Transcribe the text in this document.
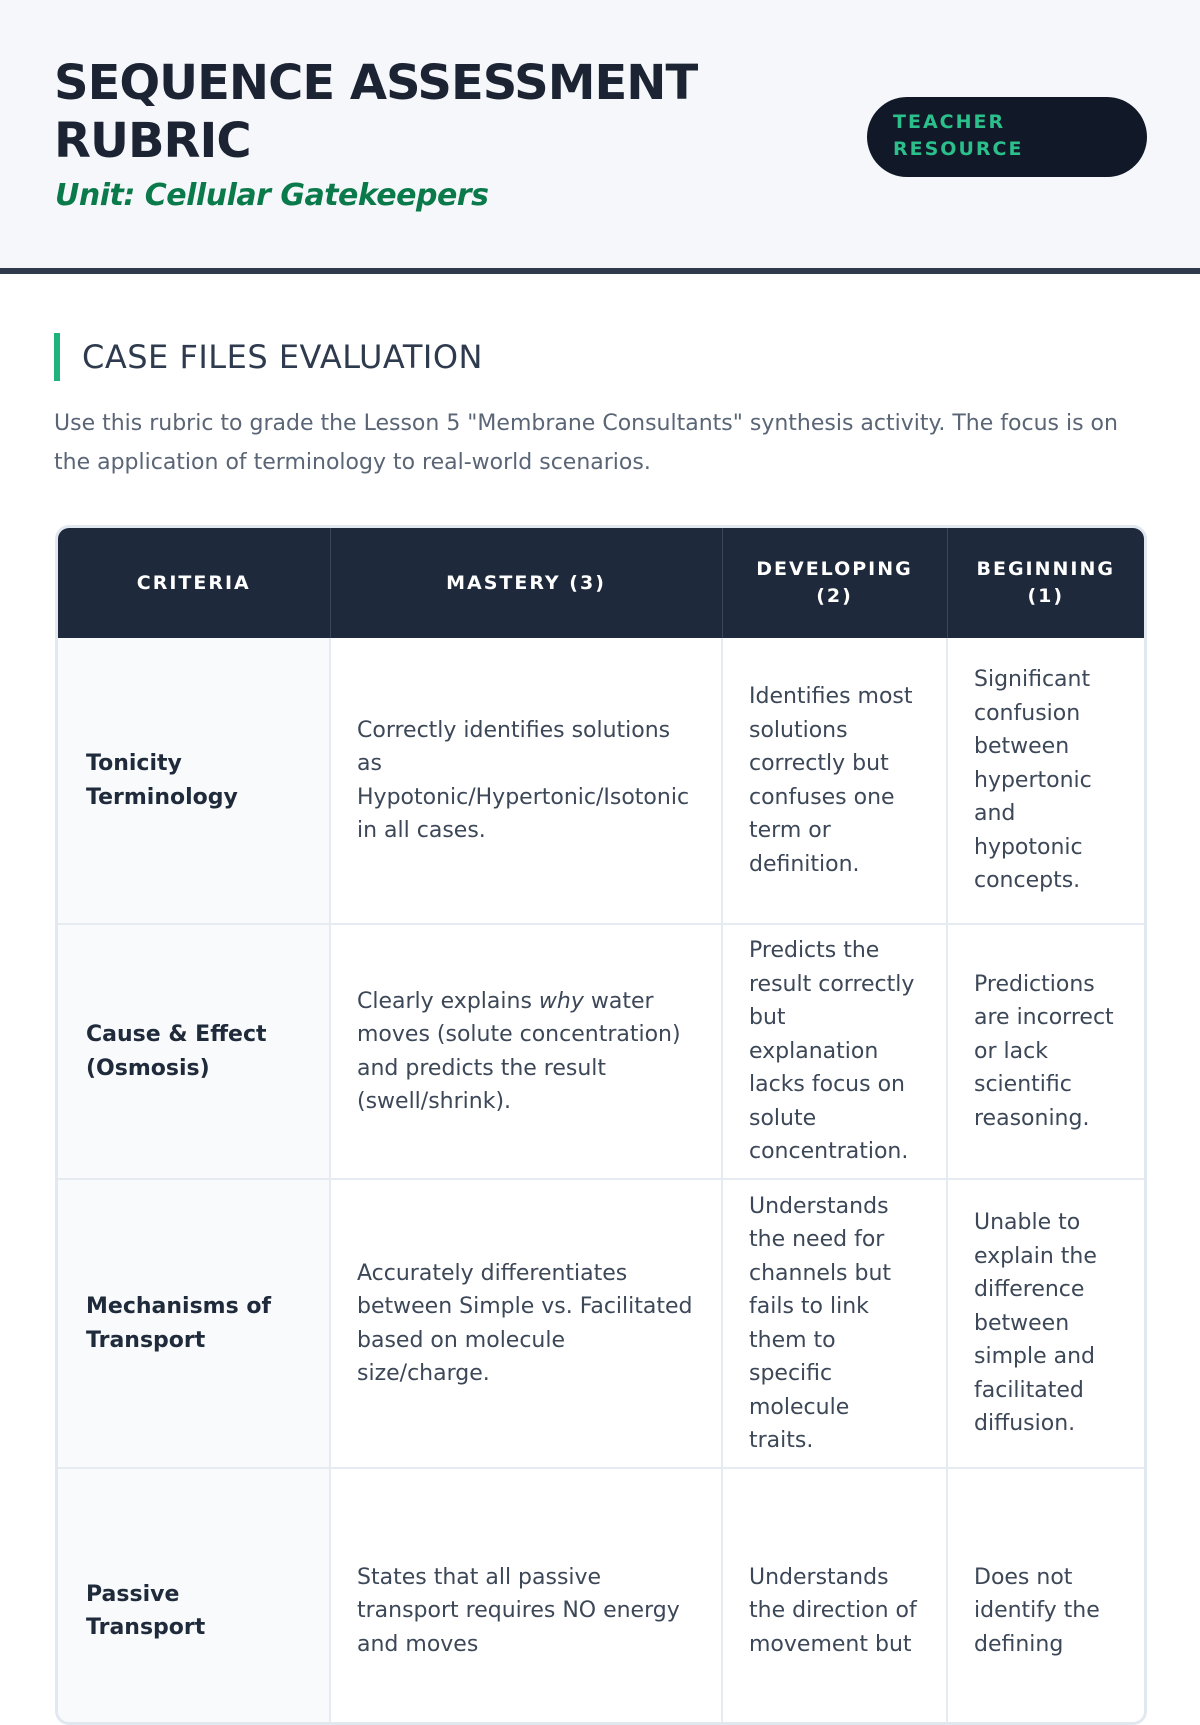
SEQUENCE ASSESSMENT
RUBRIC
Unit: Cellular Gatekeepers
TEACHER
RESOURCE
CASE FILES EVALUATION

Use this rubric to grade the Lesson 5 "Membrane Consultants" synthesis activity. The focus is on the application of terminology to real-world scenarios.

CRITERIA	MASTERY (3)	DEVELOPING (2)	BEGINNING (1)
Tonicity Terminology	Correctly identifies solutions as Hypotonic/Hypertonic/Isotonic in all cases.	Identifies most solutions correctly but confuses one term or definition.	Significant confusion between hypertonic and hypotonic concepts.
Cause & Effect (Osmosis)	Clearly explains why water moves (solute concentration) and predicts the result (swell/shrink).	Predicts the result correctly but explanation lacks focus on solute concentration.	Predictions are incorrect or lack scientific reasoning.
Mechanisms of Transport	Accurately differentiates between Simple vs. Facilitated based on molecule size/charge.	Understands the need for channels but fails to link them to specific molecule traits.	Unable to explain the difference between simple and facilitated diffusion.
Passive Transport	States that all passive transport requires NO energy and moves	Understands the direction of movement but	Does not identify the defining
